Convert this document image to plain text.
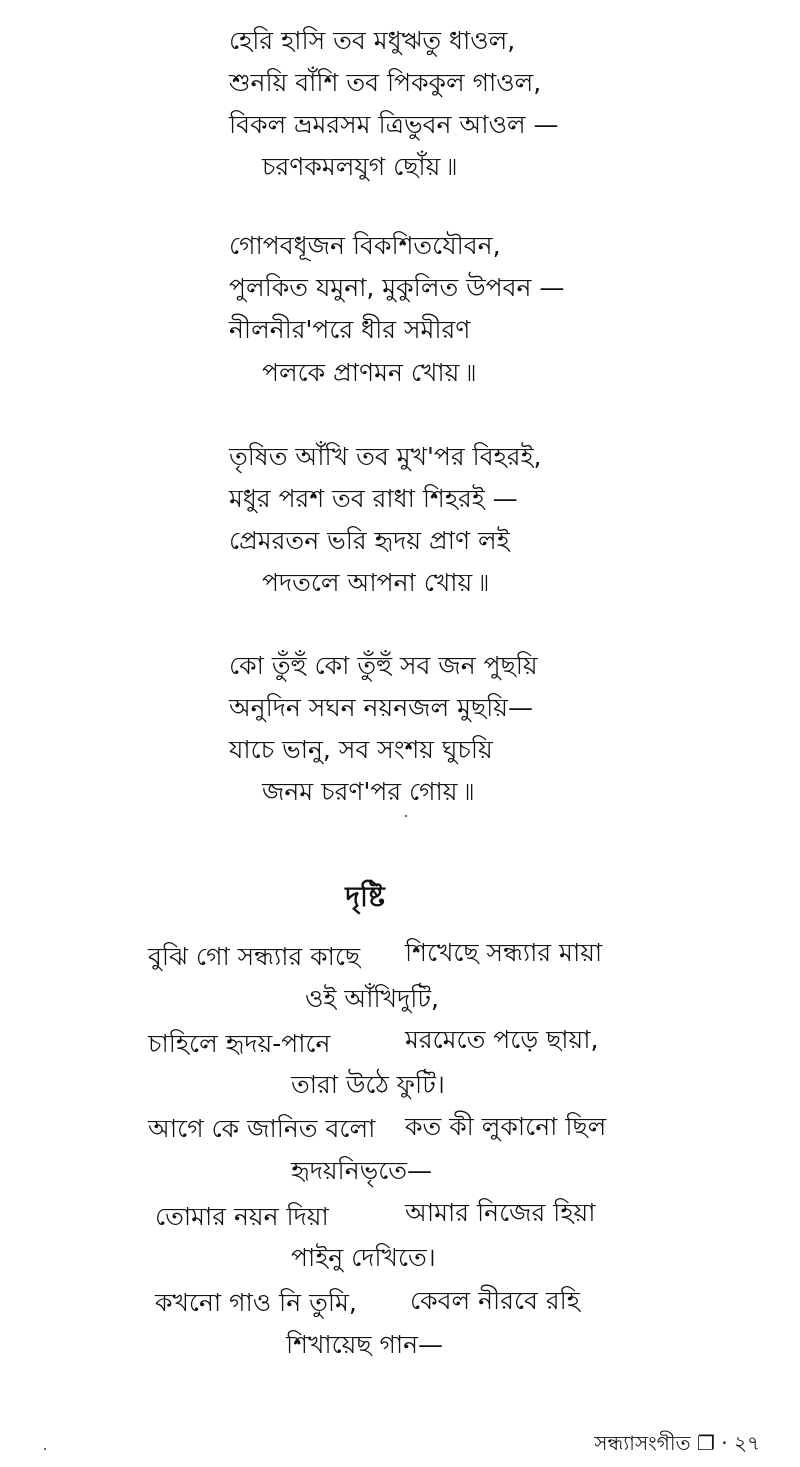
হেরি হাসি তব মধুঋতু ধাওল,
শুনয়ি বাঁশি তব পিককুল গাওল,
বিকল ভ্রমরসম ত্রিভুবন আওল —
চরণকমলযুগ ছোঁয় ৷৷
গোপবধূজন বিকশিতযৌবন,
পুলকিত যমুনা, মুকুলিত উপবন —
নীলনীর'পরে ধীর সমীরণ
পলকে প্রাণমন খোয় ৷৷
তৃষিত আঁখি তব মুখ'পর বিহরই,
মধুর পরশ তব রাধা শিহরই —
প্রেমরতন ভরি হৃদয় প্রাণ লই
পদতলে আপনা খোয় ৷৷
কো তুঁহুঁ কো তুঁহুঁ সব জন পুছয়ি
অনুদিন সঘন নয়নজল মুছয়ি—
যাচে ভানু, সব সংশয় ঘুচয়ি
জনম চরণ'পর গোয় ৷৷
দৃষ্টি
বুঝি গো সন্ধ্যার কাছে শিখেছে সন্ধ্যার মায়া
ওই আঁখিদুটি,
চাহিলে হৃদয়-পানে	মরমেতে পড়ে ছায়া,
তারা উঠে ফুটি।
আগে কে জানিত বলো কত কী লুকানো ছিল
হৃদয়নিভৃতে—
তোমার নয়ন দিয়া	আমার নিজের হিয়া
পাইনু দেখিতে।
কখনো গাও নি তুমি, কেবল নীরবে রহি
শিখায়েছ গান—
সন্ধ্যাসংগীত ❐ · ২৭
